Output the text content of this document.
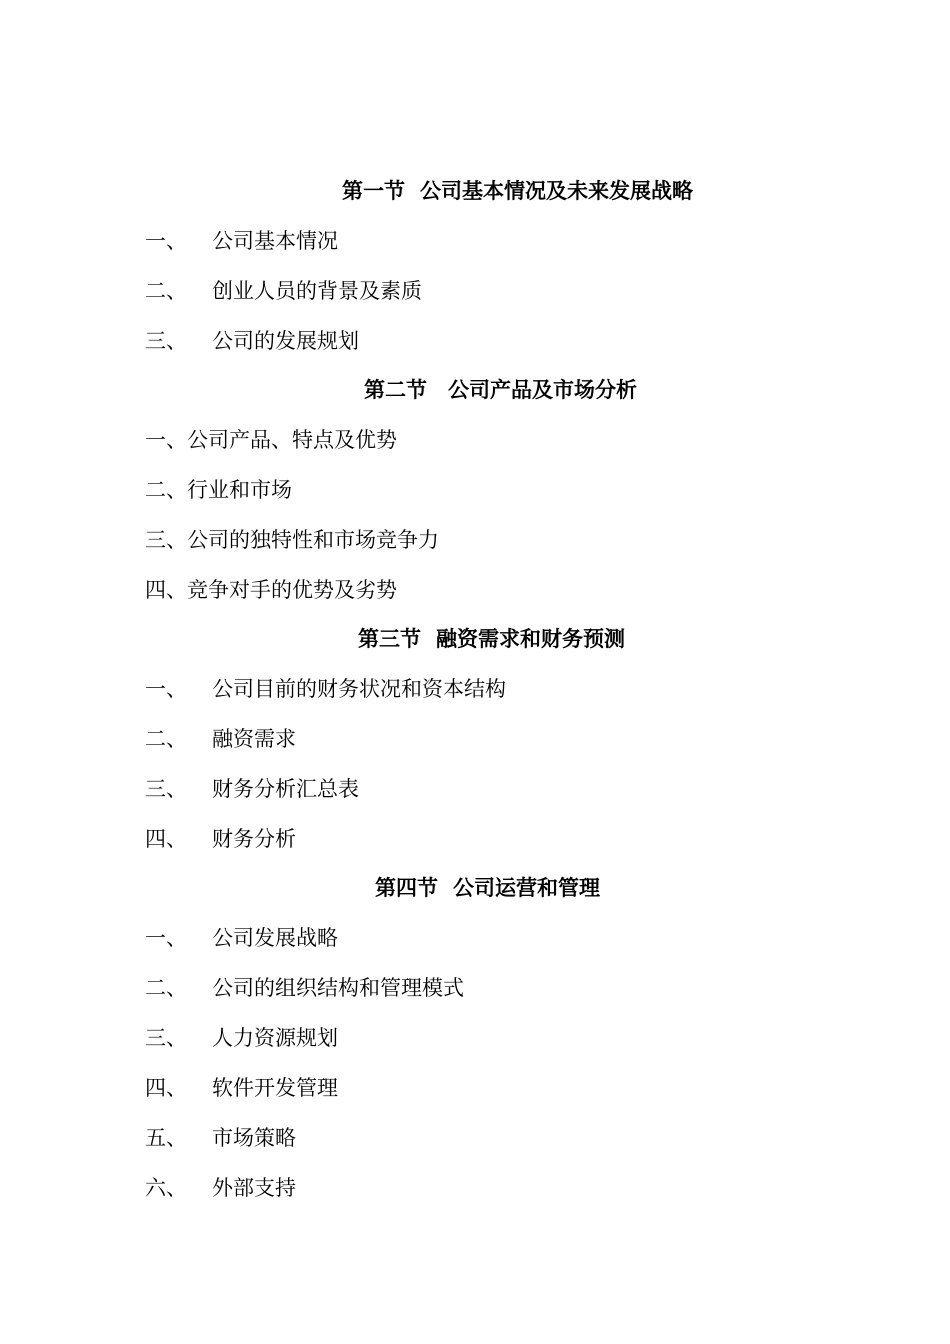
第一节 公司基本情况及未来发展战略
一、 公司基本情况
二、 创业人员的背景及素质
三、 公司的发展规划
第二节 公司产品及市场分析
一、公司产品、特点及优势
二、行业和市场
三、公司的独特性和市场竞争力
四、竞争对手的优势及劣势
第三节 融资需求和财务预测
一、 公司目前的财务状况和资本结构
二、 融资需求
三、 财务分析汇总表
四、 财务分析
第四节 公司运营和管理
一、 公司发展战略
二、 公司的组织结构和管理模式
三、 人力资源规划
四、 软件开发管理
五、 市场策略
六、 外部支持
